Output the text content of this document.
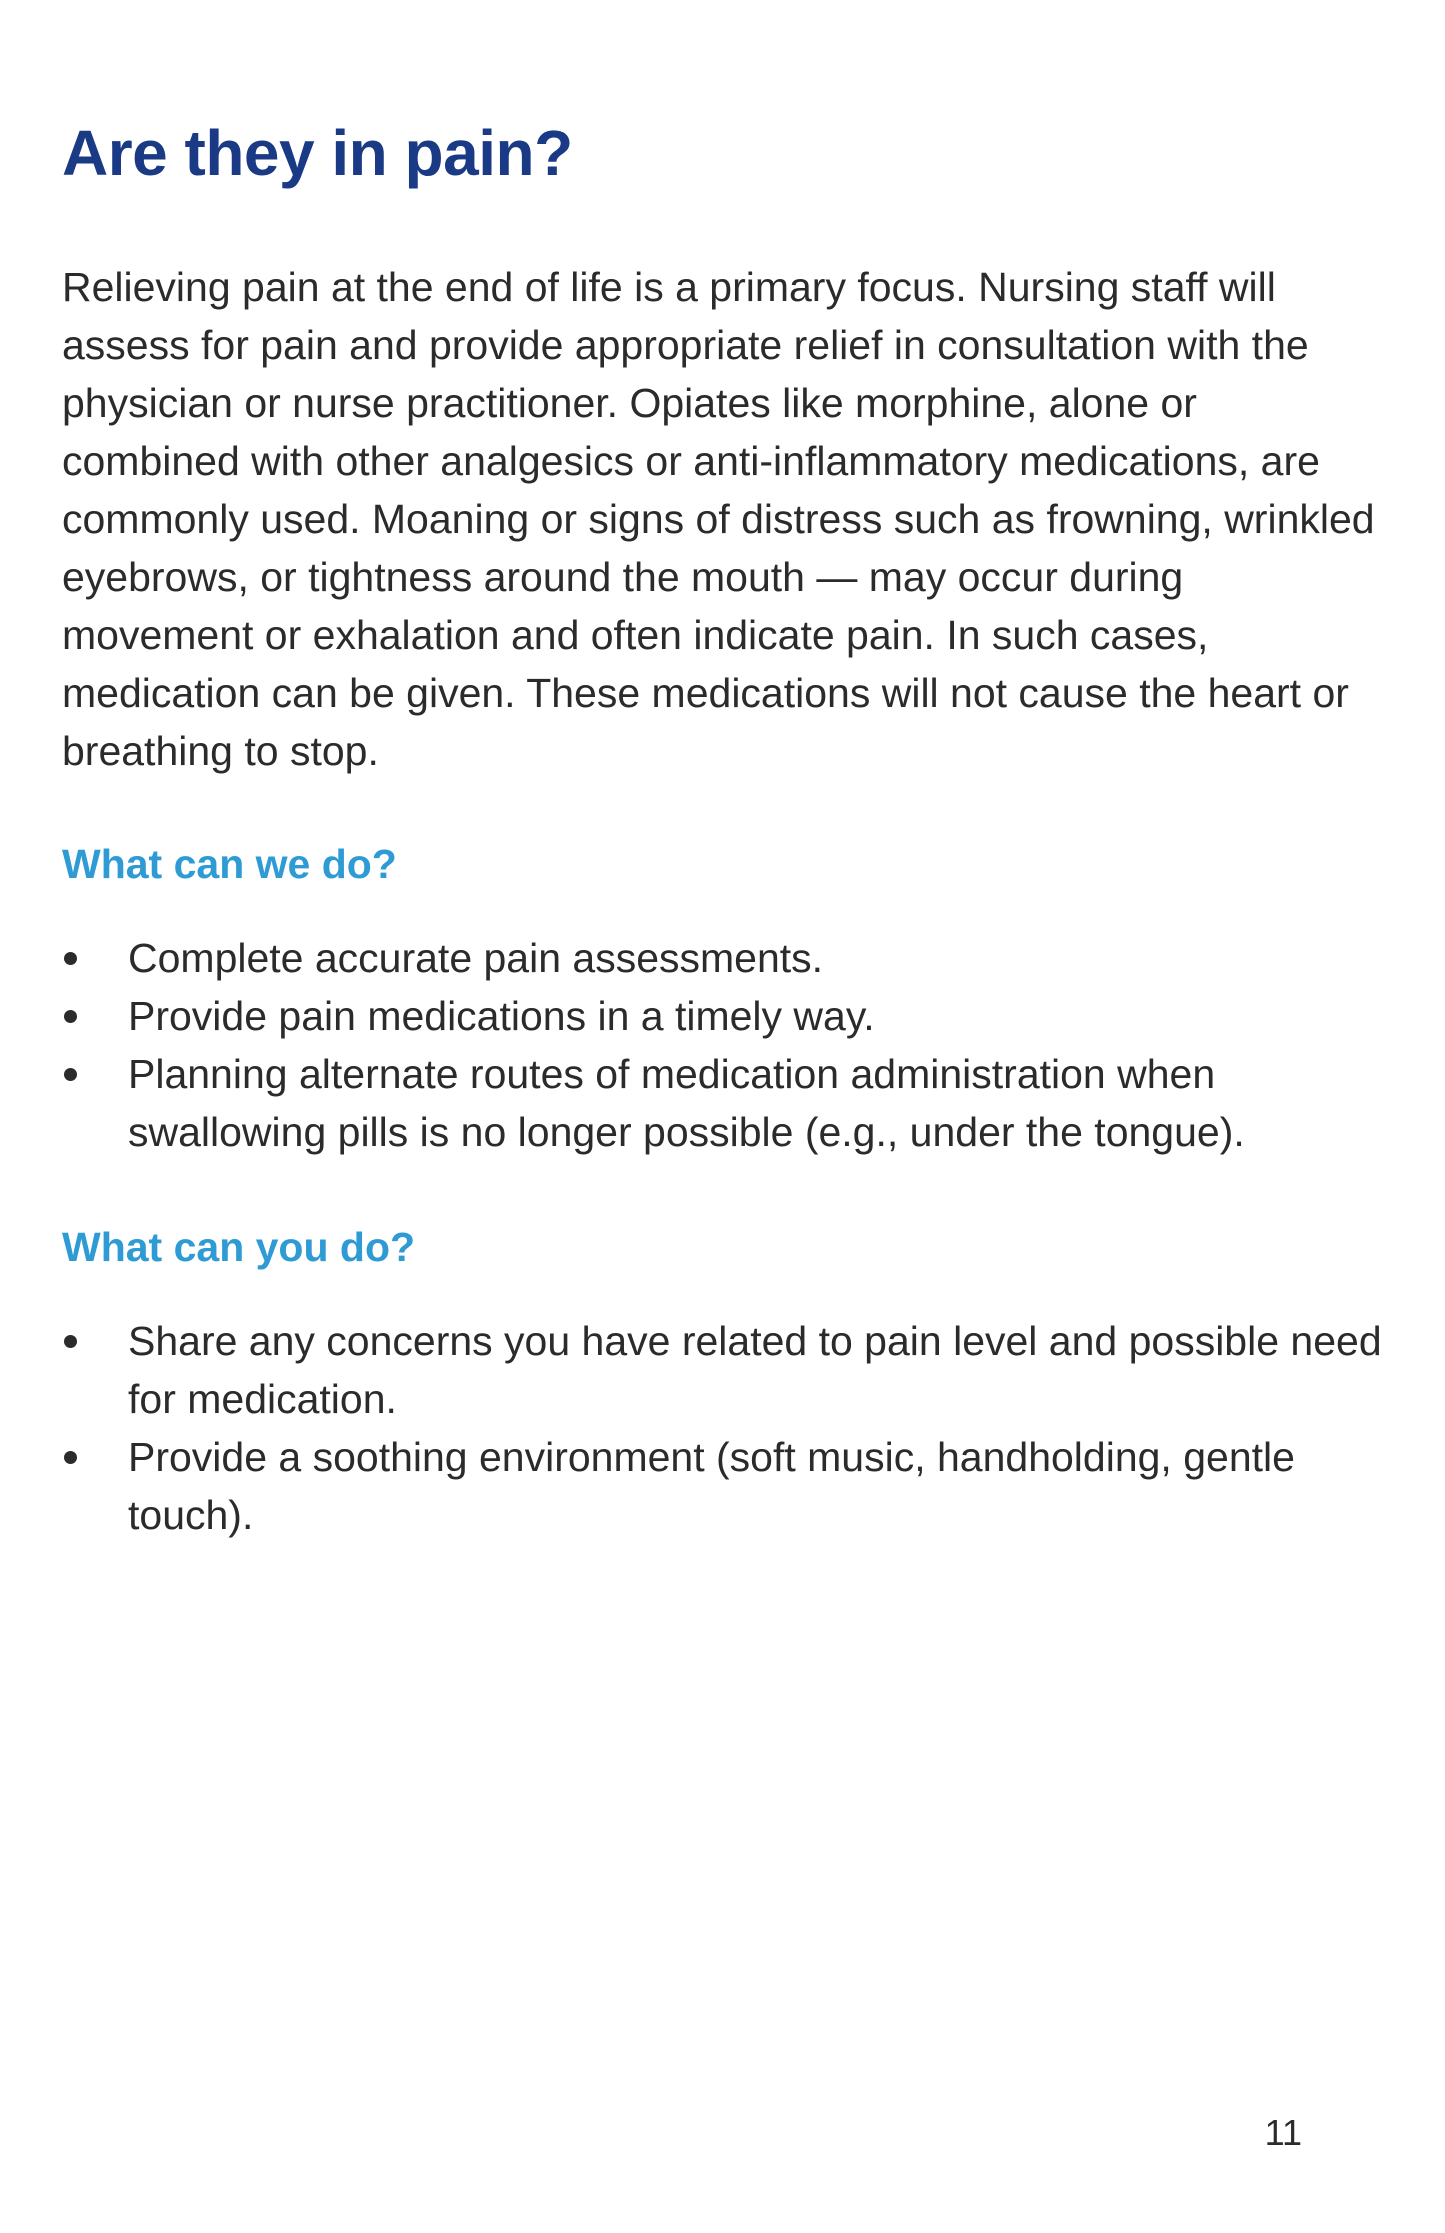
Are they in pain?

Relieving pain at the end of life is a primary focus. Nursing staff will assess for pain and provide appropriate relief in consultation with the physician or nurse practitioner. Opiates like morphine, alone or combined with other analgesics or anti-inflammatory medications, are commonly used. Moaning or signs of distress such as frowning, wrinkled eyebrows, or tightness around the mouth — may occur during movement or exhalation and often indicate pain. In such cases, medication can be given. These medications will not cause the heart or breathing to stop.

What can we do?
Complete accurate pain assessments.
Provide pain medications in a timely way.
Planning alternate routes of medication administration when swallowing pills is no longer possible (e.g., under the tongue).
What can you do?
Share any concerns you have related to pain level and possible need for medication.
Provide a soothing environment (soft music, handholding, gentle touch).
11
